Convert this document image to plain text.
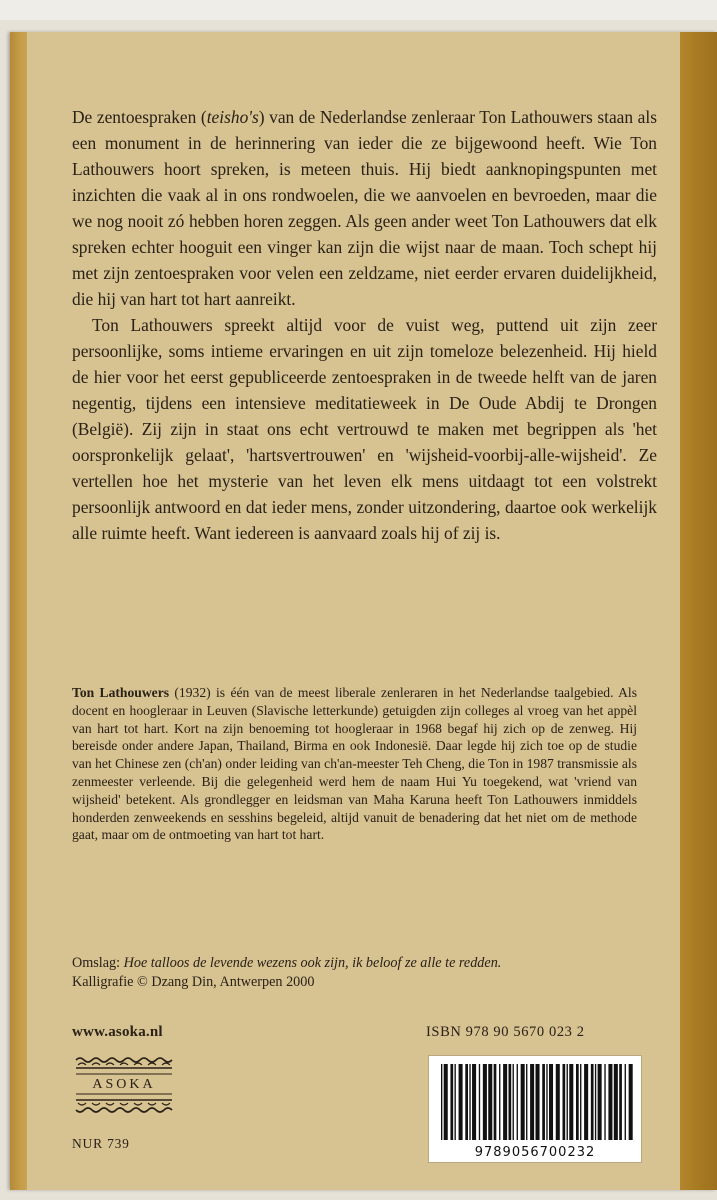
De zentoespraken (teisho's) van de Nederlandse zenleraar Ton Lathouwers staan als een monument in de herinnering van ieder die ze bijgewoond heeft. Wie Ton Lathouwers hoort spreken, is meteen thuis. Hij biedt aanknopingspunten met inzichten die vaak al in ons rondwoelen, die we aanvoelen en bevroeden, maar die we nog nooit zó hebben horen zeggen. Als geen ander weet Ton Lathouwers dat elk spreken echter hooguit een vinger kan zijn die wijst naar de maan. Toch schept hij met zijn zentoespraken voor velen een zeldzame, niet eerder ervaren duidelijkheid, die hij van hart tot hart aanreikt.

Ton Lathouwers spreekt altijd voor de vuist weg, puttend uit zijn zeer persoonlijke, soms intieme ervaringen en uit zijn tomeloze belezenheid. Hij hield de hier voor het eerst gepubliceerde zentoespraken in de tweede helft van de jaren negentig, tijdens een intensieve meditatieweek in De Oude Abdij te Drongen (België). Zij zijn in staat ons echt vertrouwd te maken met begrippen als 'het oorspronkelijk gelaat', 'hartsvertrouwen' en 'wijsheid-voorbij-alle-wijsheid'. Ze vertellen hoe het mysterie van het leven elk mens uitdaagt tot een volstrekt persoonlijk antwoord en dat ieder mens, zonder uitzondering, daartoe ook werkelijk alle ruimte heeft. Want iedereen is aanvaard zoals hij of zij is.

Ton Lathouwers (1932) is één van de meest liberale zenleraren in het Nederlandse taalgebied. Als docent en hoogleraar in Leuven (Slavische letterkunde) getuigden zijn colleges al vroeg van het appèl van hart tot hart. Kort na zijn benoeming tot hoogleraar in 1968 begaf hij zich op de zenweg. Hij bereisde onder andere Japan, Thailand, Birma en ook Indonesië. Daar legde hij zich toe op de studie van het Chinese zen (ch'an) onder leiding van ch'an-meester Teh Cheng, die Ton in 1987 transmissie als zenmeester verleende. Bij die gelegenheid werd hem de naam Hui Yu toegekend, wat 'vriend van wijsheid' betekent. Als grondlegger en leidsman van Maha Karuna heeft Ton Lathouwers inmiddels honderden zenweekends en sesshins begeleid, altijd vanuit de benadering dat het niet om de methode gaat, maar om de ontmoeting van hart tot hart.
Omslag: Hoe talloos de levende wezens ook zijn, ik beloof ze alle te redden.
Kalligrafie © Dzang Din, Antwerpen 2000
www.asoka.nl	ISBN 978 90 5670 023 2
ASOKA
NUR 739
9789056700232
